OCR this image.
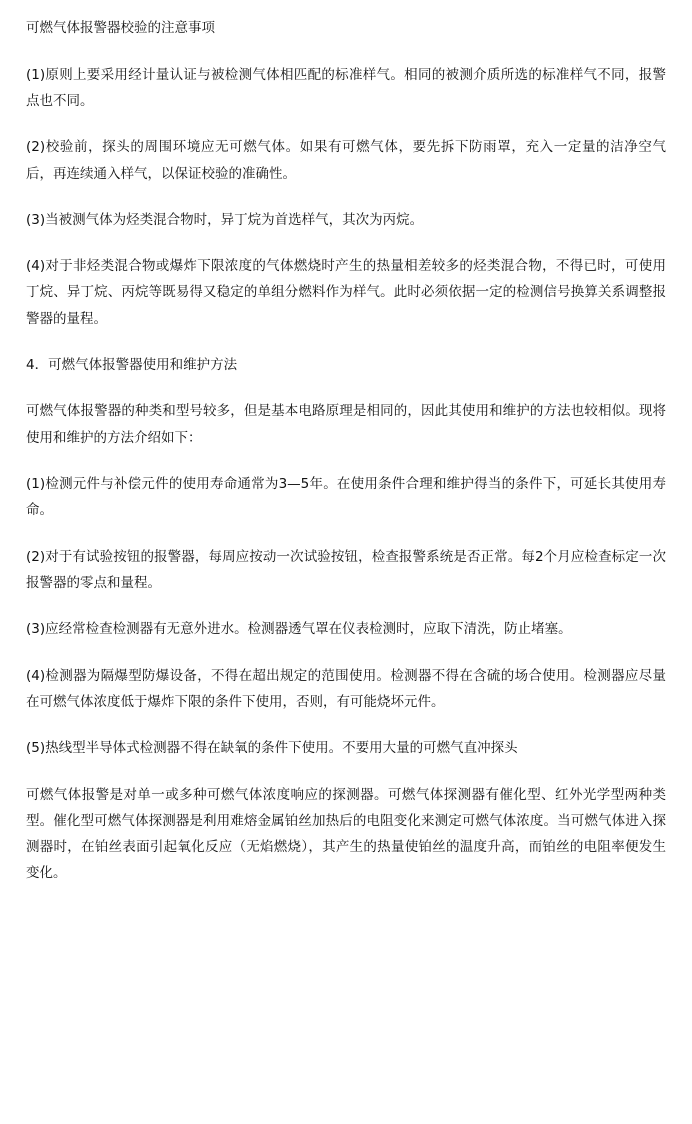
可燃气体报警器校验的注意事项

(1)原则上要采用经计量认证与被检测气体相匹配的标准样气。相同的被测介质所选的标准样气不同，报警点也不同。

(2)校验前，探头的周围环境应无可燃气体。如果有可燃气体，要先拆下防雨罩，充入一定量的洁净空气后，再连续通入样气，以保证校验的准确性。

(3)当被测气体为烃类混合物时，异丁烷为首选样气，其次为丙烷。

(4)对于非烃类混合物或爆炸下限浓度的气体燃烧时产生的热量相差较多的烃类混合物，不得已时，可使用丁烷、异丁烷、丙烷等既易得又稳定的单组分燃料作为样气。此时必须依据一定的检测信号换算关系调整报警器的量程。

4．可燃气体报警器使用和维护方法

可燃气体报警器的种类和型号较多，但是基本电路原理是相同的，因此其使用和维护的方法也较相似。现将使用和维护的方法介绍如下：

(1)检测元件与补偿元件的使用寿命通常为3—5年。在使用条件合理和维护得当的条件下，可延长其使用寿命。

(2)对于有试验按钮的报警器，每周应按动一次试验按钮，检查报警系统是否正常。每2个月应检查标定一次报警器的零点和量程。

(3)应经常检查检测器有无意外进水。检测器透气罩在仪表检测时，应取下清洗，防止堵塞。

(4)检测器为隔爆型防爆设备，不得在超出规定的范围使用。检测器不得在含硫的场合使用。检测器应尽量在可燃气体浓度低于爆炸下限的条件下使用，否则，有可能烧坏元件。

(5)热线型半导体式检测器不得在缺氧的条件下使用。不要用大量的可燃气直冲探头

可燃气体报警是对单一或多种可燃气体浓度响应的探测器。可燃气体探测器有催化型、红外光学型两种类型。催化型可燃气体探测器是利用难熔金属铂丝加热后的电阻变化来测定可燃气体浓度。当可燃气体进入探测器时，在铂丝表面引起氧化反应（无焰燃烧），其产生的热量使铂丝的温度升高，而铂丝的电阻率便发生变化。
